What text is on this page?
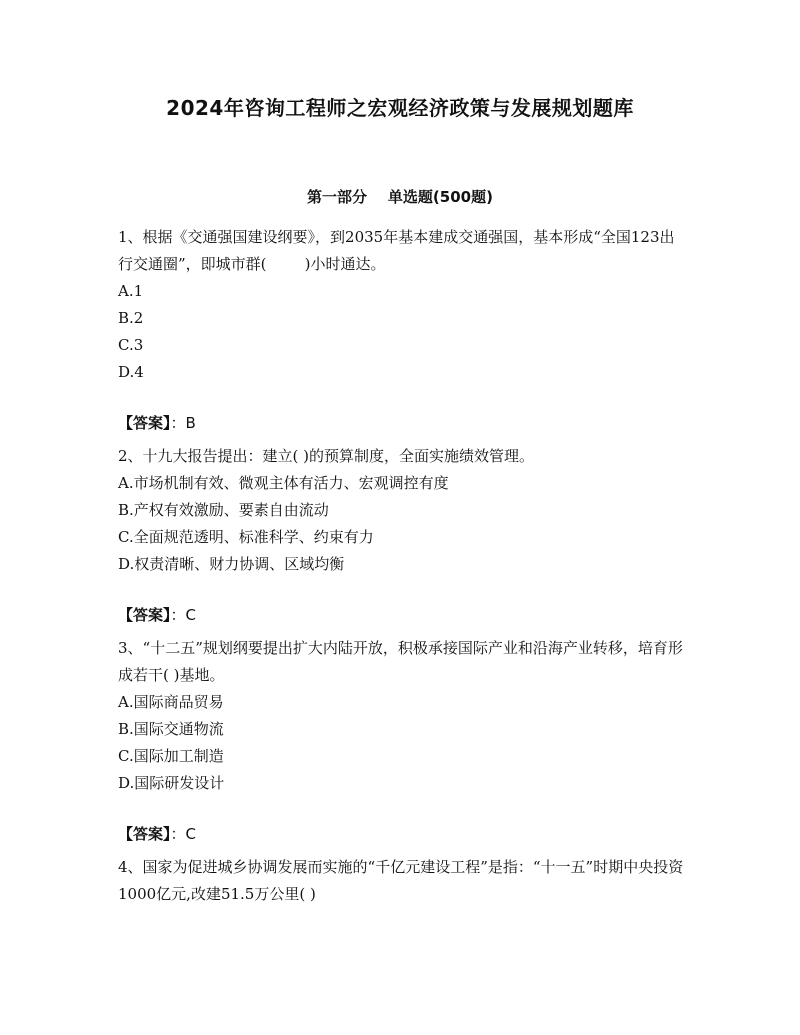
2024年咨询工程师之宏观经济政策与发展规划题库
第一部分    单选题(500题)

1、根据《交通强国建设纲要》，到2035年基本建成交通强国，基本形成“全国123出行交通圈”，即城市群(        )小时通达。

A.1

B.2

C.3

D.4

【答案】：B

2、十九大报告提出：建立( )的预算制度，全面实施绩效管理。

A.市场机制有效、微观主体有活力、宏观调控有度

B.产权有效激励、要素自由流动

C.全面规范透明、标准科学、约束有力

D.权责清晰、财力协调、区域均衡

【答案】：C

3、“十二五”规划纲要提出扩大内陆开放，积极承接国际产业和沿海产业转移，培育形成若干( )基地。

A.国际商品贸易

B.国际交通物流

C.国际加工制造

D.国际研发设计

【答案】：C

4、国家为促进城乡协调发展而实施的“千亿元建设工程”是指：“十一五”时期中央投资1000亿元,改建51.5万公里( )
